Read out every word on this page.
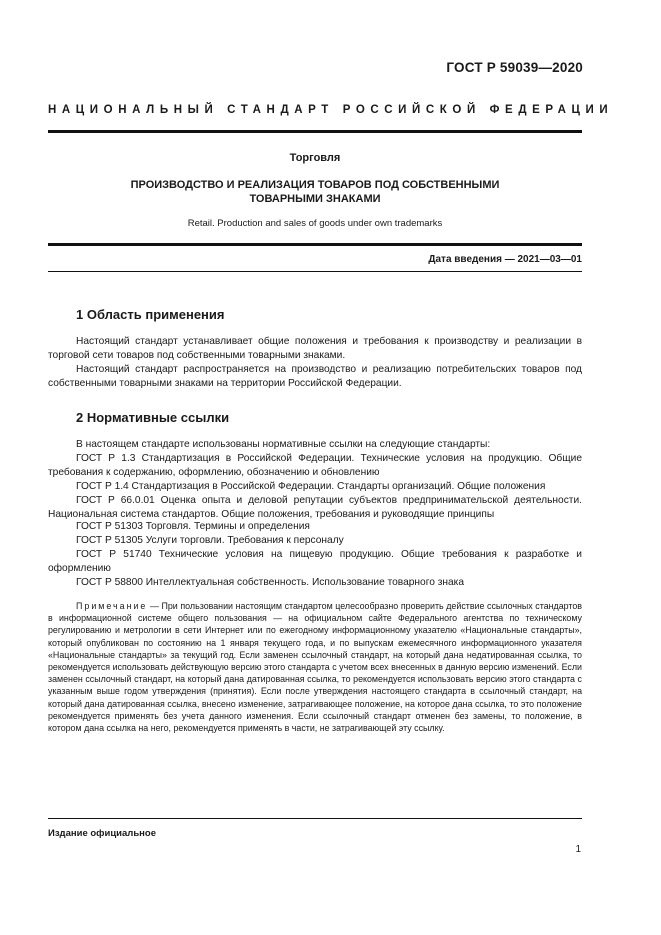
ГОСТ Р 59039—2020
НАЦИОНАЛЬНЫЙ СТАНДАРТ РОССИЙСКОЙ ФЕДЕРАЦИИ
Торговля
ПРОИЗВОДСТВО И РЕАЛИЗАЦИЯ ТОВАРОВ ПОД СОБСТВЕННЫМИ ТОВАРНЫМИ ЗНАКАМИ
Retail. Production and sales of goods under own trademarks
Дата введения — 2021—03—01
1 Область применения

Настоящий стандарт устанавливает общие положения и требования к производству и реализации в торговой сети товаров под собственными товарными знаками.

Настоящий стандарт распространяется на производство и реализацию потребительских товаров под собственными товарными знаками на территории Российской Федерации.

2 Нормативные ссылки

В настоящем стандарте использованы нормативные ссылки на следующие стандарты:

ГОСТ Р 1.3 Стандартизация в Российской Федерации. Технические условия на продукцию. Общие требования к содержанию, оформлению, обозначению и обновлению

ГОСТ Р 1.4 Стандартизация в Российской Федерации. Стандарты организаций. Общие положения

ГОСТ Р 66.0.01 Оценка опыта и деловой репутации субъектов предпринимательской деятельности. Национальная система стандартов. Общие положения, требования и руководящие принципы

ГОСТ Р 51303 Торговля. Термины и определения

ГОСТ Р 51305 Услуги торговли. Требования к персоналу

ГОСТ Р 51740 Технические условия на пищевую продукцию. Общие требования к разработке и оформлению

ГОСТ Р 58800 Интеллектуальная собственность. Использование товарного знака

Примечание — При пользовании настоящим стандартом целесообразно проверить действие ссылочных стандартов в информационной системе общего пользования — на официальном сайте Федерального агентства по техническому регулированию и метрологии в сети Интернет или по ежегодному информационному указателю «Национальные стандарты», который опубликован по состоянию на 1 января текущего года, и по выпускам ежемесячного информационного указателя «Национальные стандарты» за текущий год. Если заменен ссылочный стандарт, на который дана недатированная ссылка, то рекомендуется использовать действующую версию этого стандарта с учетом всех внесенных в данную версию изменений. Если заменен ссылочный стандарт, на который дана датированная ссылка, то рекомендуется использовать версию этого стандарта с указанным выше годом утверждения (принятия). Если после утверждения настоящего стандарта в ссылочный стандарт, на который дана датированная ссылка, внесено изменение, затрагивающее положение, на которое дана ссылка, то это положение рекомендуется применять без учета данного изменения. Если ссылочный стандарт отменен без замены, то положение, в котором дана ссылка на него, рекомендуется применять в части, не затрагивающей эту ссылку.

Издание официальное
1
